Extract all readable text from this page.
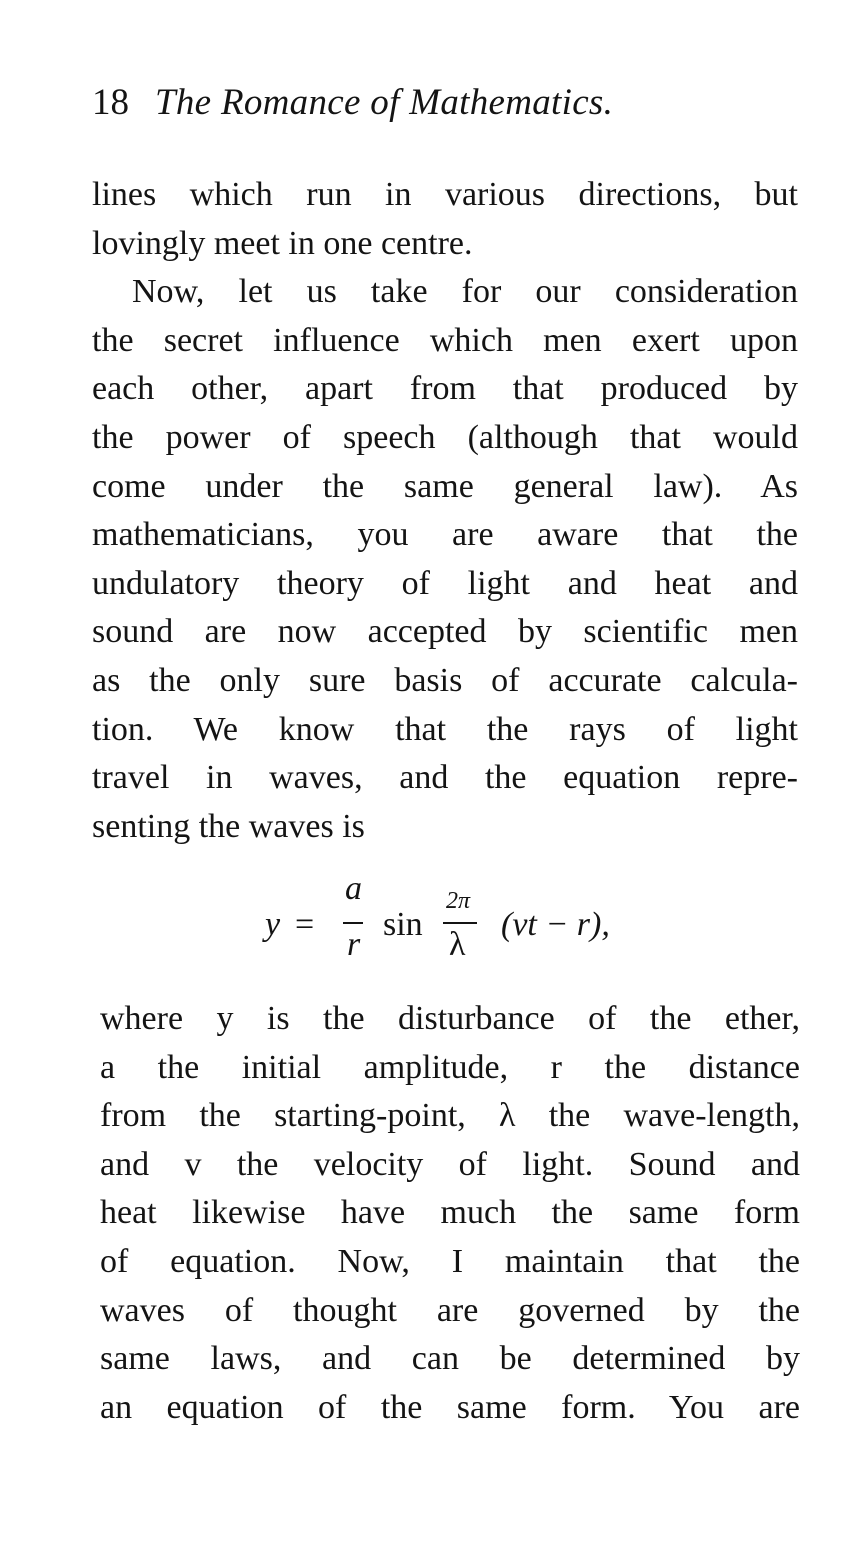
18 The Romance of Mathematics.
lines which run in various directions, but
lovingly meet in one centre.
Now, let us take for our consideration
the secret influence which men exert upon
each other, apart from that produced by
the power of speech (although that would
come under the same general law). As
mathematicians, you are aware that the
undulatory theory of light and heat and
sound are now accepted by scientific men
as the only sure basis of accurate calcula-
tion. We know that the rays of light
travel in waves, and the equation repre-
senting the waves is
y =
a
r
sin
2π
λ
(vt − r),
where y is the disturbance of the ether,
a the initial amplitude, r the distance
from the starting-point, λ the wave-length,
and v the velocity of light. Sound and
heat likewise have much the same form
of equation. Now, I maintain that the
waves of thought are governed by the
same laws, and can be determined by
an equation of the same form. You are
